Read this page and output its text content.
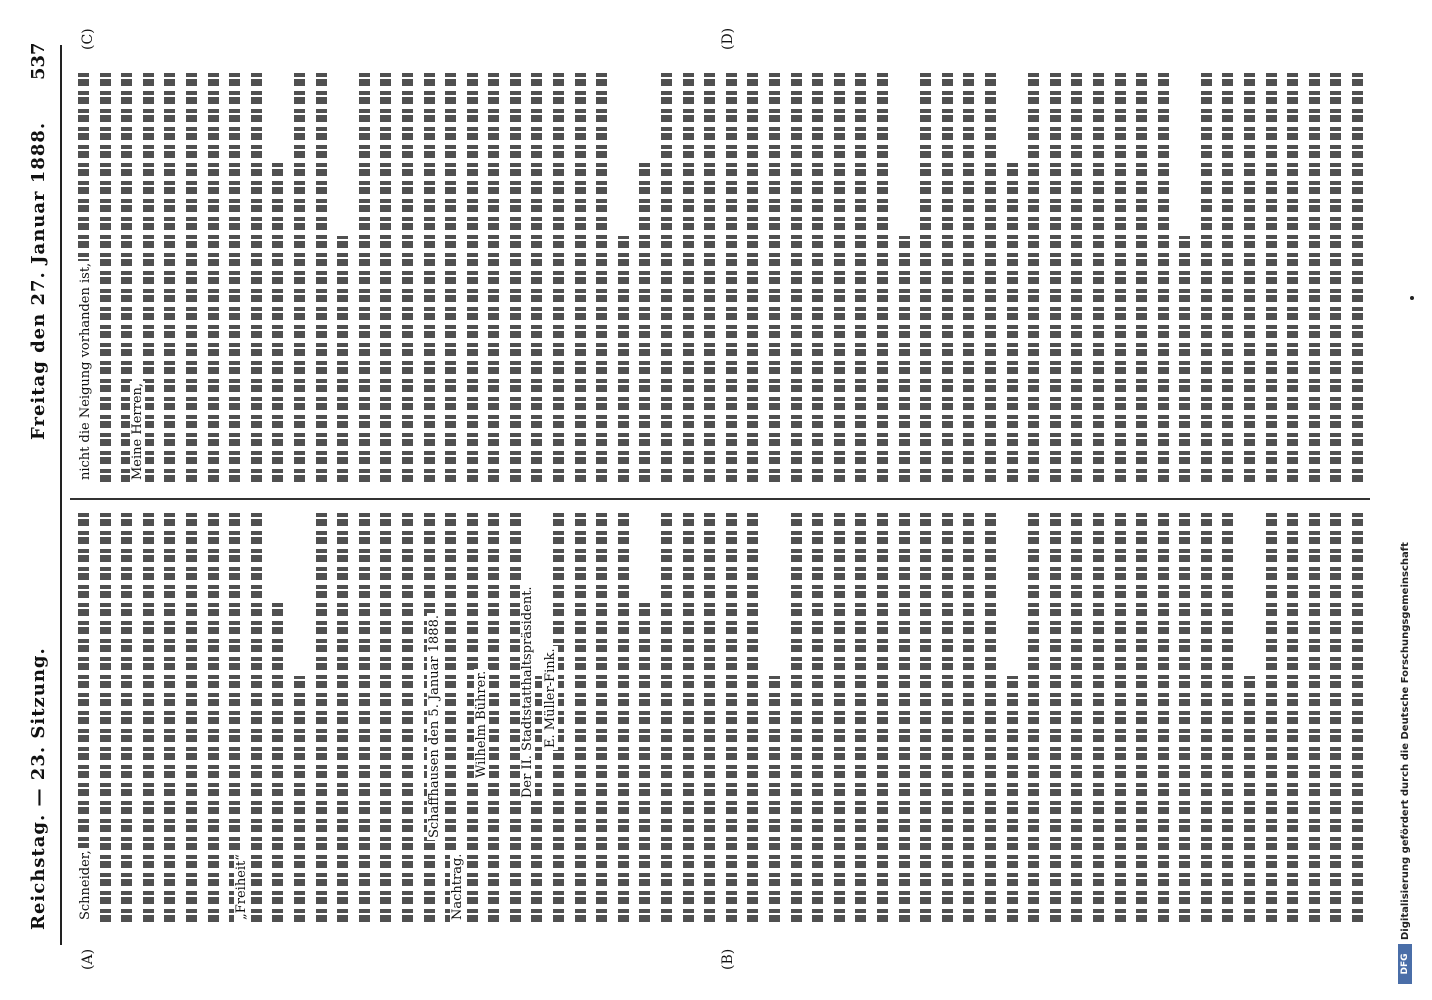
Reichstag. — 23. Sitzung.
Freitag den 27. Januar 1888.
537
(A)	(B)
(C)	(D)
Schneider,	„Freiheit“	Nachtrag.
Schaffhausen den 5. Januar 1888. Wilhelm Bührer. Der II. Stadtstatthaltspräsident. E. Müller-Fink.
nicht die Neigung vorhanden ist,	Meine Herren,
DFG
Digitalisierung gefördert durch die Deutsche Forschungsgemeinschaft
